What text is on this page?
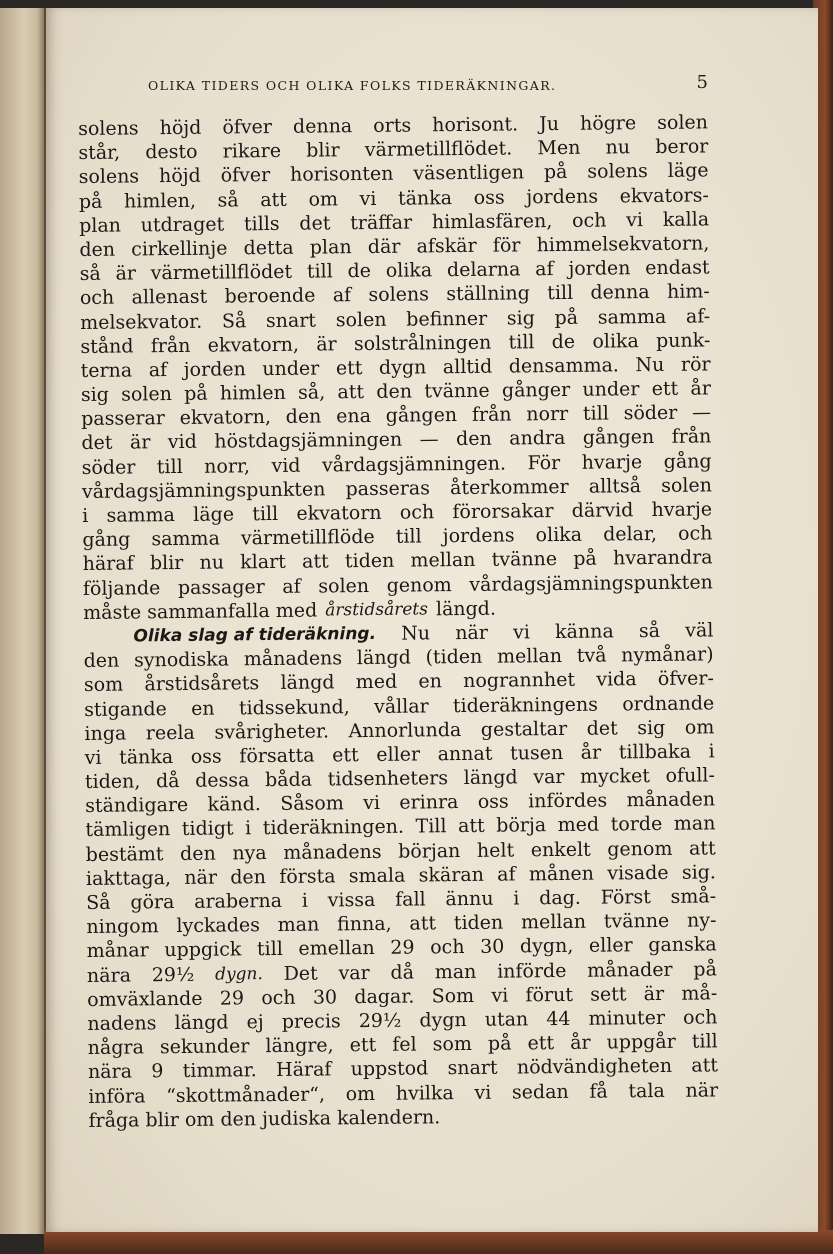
OLIKA TIDERS OCH OLIKA FOLKS TIDERÄKNINGAR.	5
solens höjd öfver denna orts horisont. Ju högre solen
står, desto rikare blir värmetillflödet. Men nu beror
solens höjd öfver horisonten väsentligen på solens läge
på himlen, så att om vi tänka oss jordens ekvators-
plan utdraget tills det träffar himlasfären, och vi kalla
den cirkellinje detta plan där afskär för himmelsekvatorn,
så är värmetillflödet till de olika delarna af jorden endast
och allenast beroende af solens ställning till denna him-
melsekvator. Så snart solen befinner sig på samma af-
stånd från ekvatorn, är solstrålningen till de olika punk-
terna af jorden under ett dygn alltid densamma. Nu rör
sig solen på himlen så, att den tvänne gånger under ett år
passerar ekvatorn, den ena gången från norr till söder —
det är vid höstdagsjämningen — den andra gången från
söder till norr, vid vårdagsjämningen. För hvarje gång
vårdagsjämningspunkten passeras återkommer alltså solen
i samma läge till ekvatorn och förorsakar därvid hvarje
gång samma värmetillflöde till jordens olika delar, och
häraf blir nu klart att tiden mellan tvänne på hvarandra
följande passager af solen genom vårdagsjämningspunkten
måste sammanfalla med årstidsårets längd.
Olika slag af tideräkning. Nu när vi känna så väl
den synodiska månadens längd (tiden mellan två nymånar)
som årstidsårets längd med en nogrannhet vida öfver-
stigande en tidssekund, vållar tideräkningens ordnande
inga reela svårigheter. Annorlunda gestaltar det sig om
vi tänka oss försatta ett eller annat tusen år tillbaka i
tiden, då dessa båda tidsenheters längd var mycket ofull-
ständigare känd. Såsom vi erinra oss infördes månaden
tämligen tidigt i tideräkningen. Till att börja med torde man
bestämt den nya månadens början helt enkelt genom att
iakttaga, när den första smala skäran af månen visade sig.
Så göra araberna i vissa fall ännu i dag. Först små-
ningom lyckades man finna, att tiden mellan tvänne ny-
månar uppgick till emellan 29 och 30 dygn, eller ganska
nära 29½ dygn. Det var då man införde månader på
omväxlande 29 och 30 dagar. Som vi förut sett är må-
nadens längd ej precis 29½ dygn utan 44 minuter och
några sekunder längre, ett fel som på ett år uppgår till
nära 9 timmar. Häraf uppstod snart nödvändigheten att
införa “skottmånader“, om hvilka vi sedan få tala när
fråga blir om den judiska kalendern.
